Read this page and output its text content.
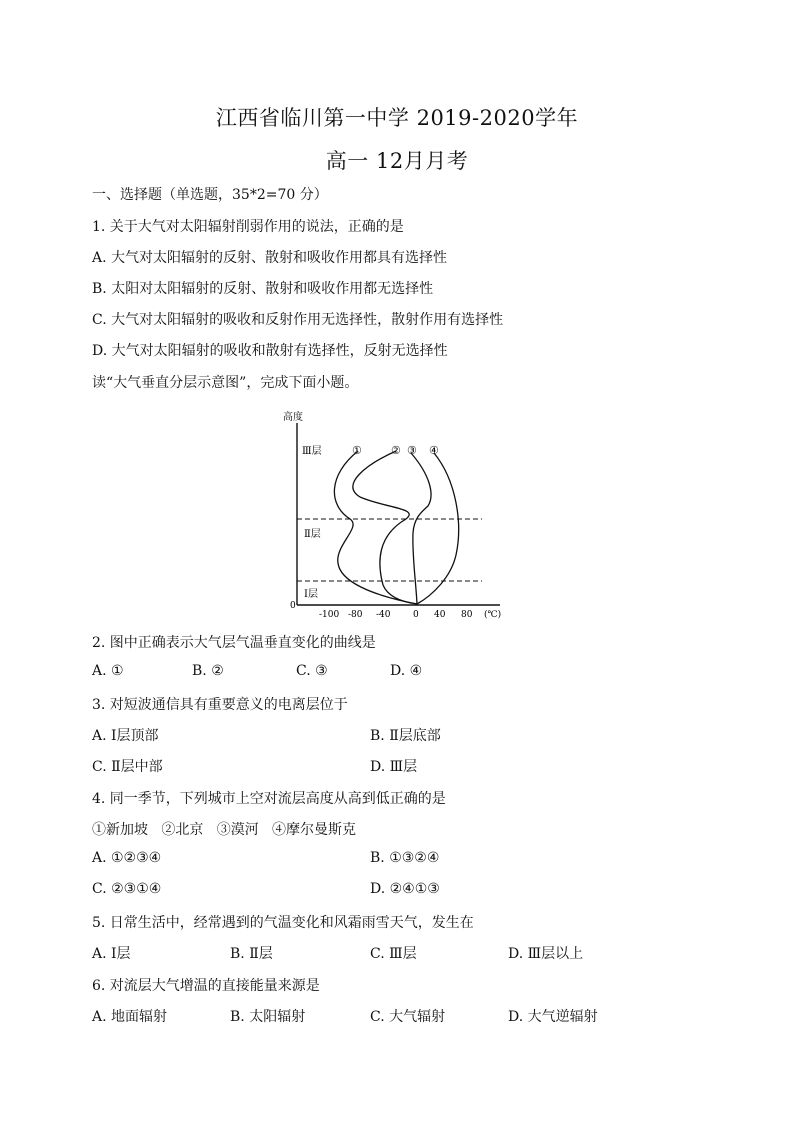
江西省临川第一中学 2019-2020学年
高一 12月月考
一、选择题（单选题，35*2=70 分）
1. 关于大气对太阳辐射削弱作用的说法，正确的是
A. 大气对太阳辐射的反射、散射和吸收作用都具有选择性
B. 太阳对太阳辐射的反射、散射和吸收作用都无选择性
C. 大气对太阳辐射的吸收和反射作用无选择性，散射作用有选择性
D. 大气对太阳辐射的吸收和散射有选择性，反射无选择性
读“大气垂直分层示意图”，完成下面小题。
高度
0
Ⅲ层
Ⅱ层
Ⅰ层
①	② ③ ④
-100 -80 -40	0 40 80 (℃)
2. 图中正确表示大气层气温垂直变化的曲线是
A. ①	B. ②	C. ③	D. ④
3. 对短波通信具有重要意义的电离层位于
A. Ⅰ层顶部	B. Ⅱ层底部
C. Ⅱ层中部	D. Ⅲ层
4. 同一季节，下列城市上空对流层高度从高到低正确的是
①新加坡   ②北京   ③漠河   ④摩尔曼斯克
A. ①②③④	B. ①③②④
C. ②③①④	D. ②④①③
5. 日常生活中，经常遇到的气温变化和风霜雨雪天气，发生在
A. Ⅰ层	B. Ⅱ层	C. Ⅲ层	D. Ⅲ层以上
6. 对流层大气增温的直接能量来源是
A. 地面辐射	B. 太阳辐射	C. 大气辐射	D. 大气逆辐射
